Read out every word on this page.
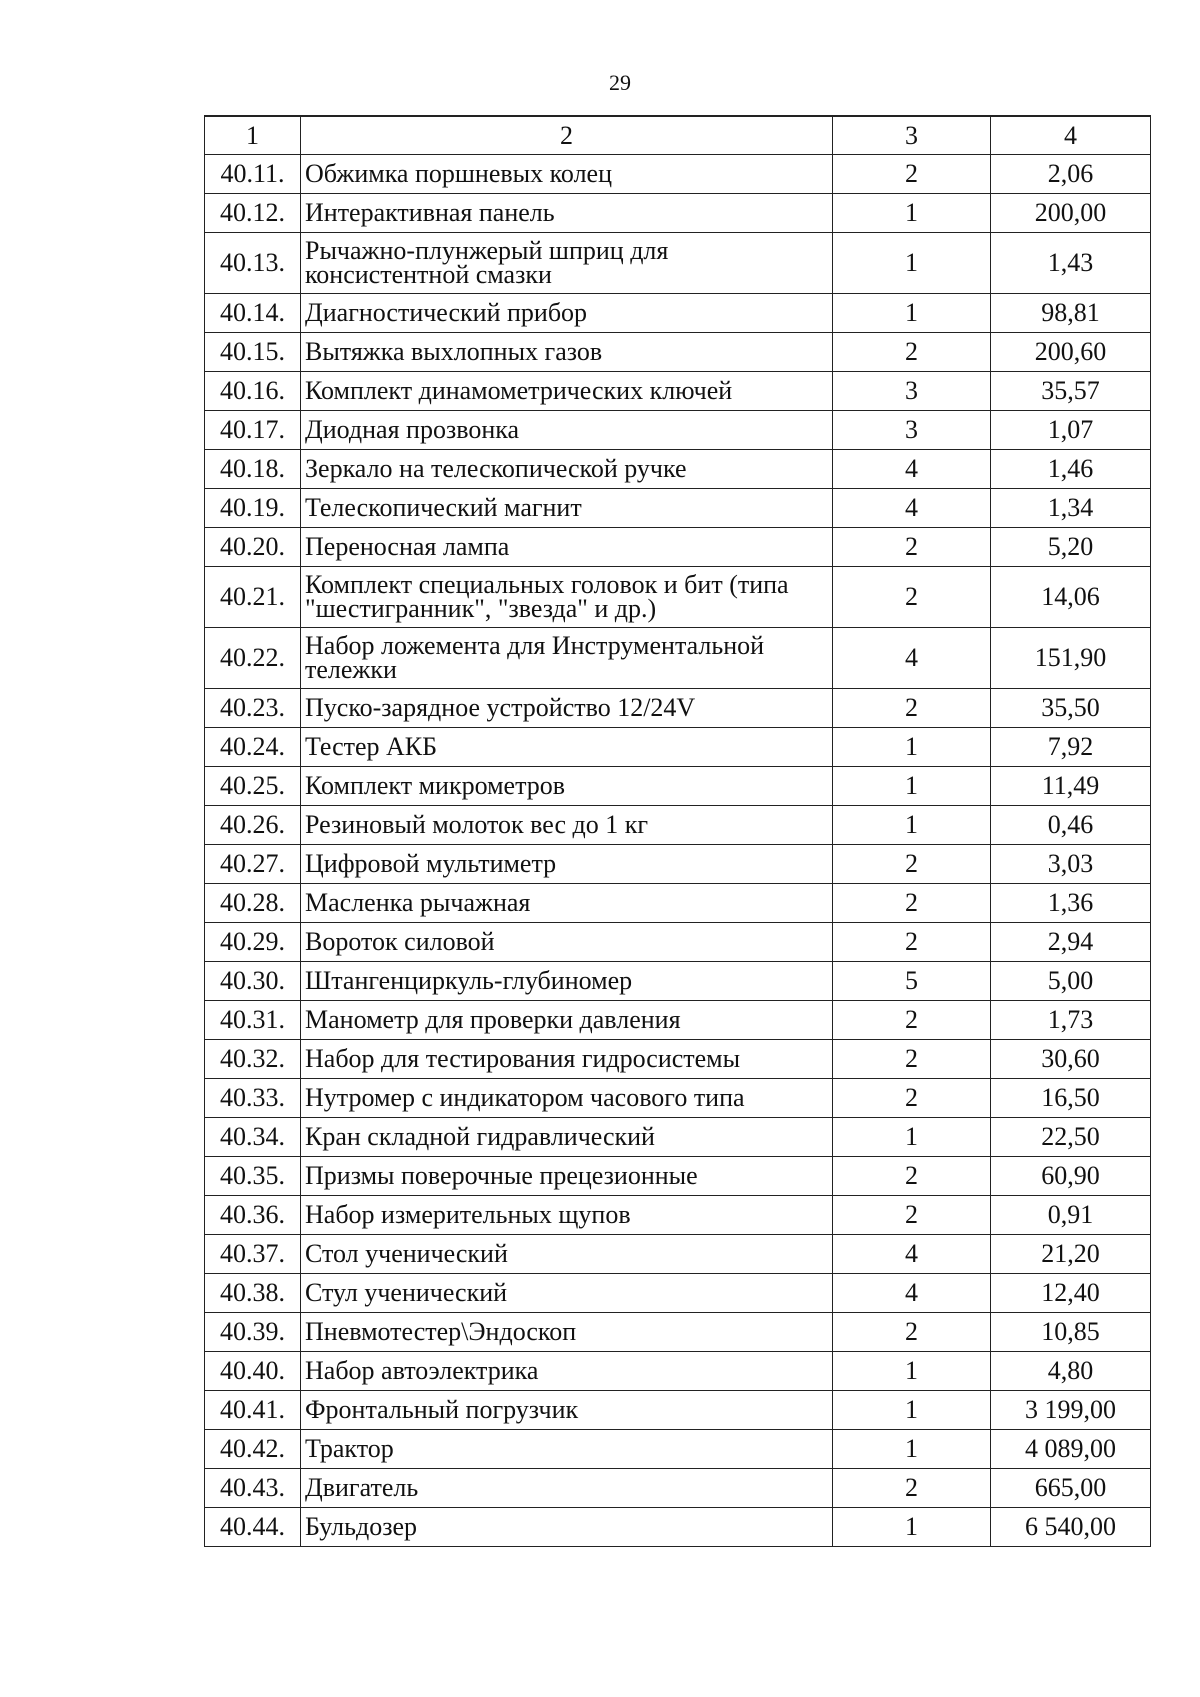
29
1	2	3	4
40.11.	Обжимка поршневых колец	2	2,06
40.12.	Интерактивная панель	1	200,00
40.13.	Рычажно-плунжерый шприц для консистентной смазки	1	1,43
40.14.	Диагностический прибор	1	98,81
40.15.	Вытяжка выхлопных газов	2	200,60
40.16.	Комплект динамометрических ключей	3	35,57
40.17.	Диодная прозвонка	3	1,07
40.18.	Зеркало на телескопической ручке	4	1,46
40.19.	Телескопический магнит	4	1,34
40.20.	Переносная лампа	2	5,20
40.21.	Комплект специальных головок и бит (типа "шестигранник", "звезда" и др.)	2	14,06
40.22.	Набор ложемента для Инструментальной тележки	4	151,90
40.23.	Пуско-зарядное устройство 12/24V	2	35,50
40.24.	Тестер АКБ	1	7,92
40.25.	Комплект микрометров	1	11,49
40.26.	Резиновый молоток вес до 1 кг	1	0,46
40.27.	Цифровой мультиметр	2	3,03
40.28.	Масленка рычажная	2	1,36
40.29.	Вороток силовой	2	2,94
40.30.	Штангенциркуль-глубиномер	5	5,00
40.31.	Манометр для проверки давления	2	1,73
40.32.	Набор для тестирования гидросистемы	2	30,60
40.33.	Нутромер с индикатором часового типа	2	16,50
40.34.	Кран складной гидравлический	1	22,50
40.35.	Призмы поверочные прецезионные	2	60,90
40.36.	Набор измерительных щупов	2	0,91
40.37.	Стол ученический	4	21,20
40.38.	Стул ученический	4	12,40
40.39.	Пневмотестер\Эндоскоп	2	10,85
40.40.	Набор автоэлектрика	1	4,80
40.41.	Фронтальный погрузчик	1	3 199,00
40.42.	Трактор	1	4 089,00
40.43.	Двигатель	2	665,00
40.44.	Бульдозер	1	6 540,00
